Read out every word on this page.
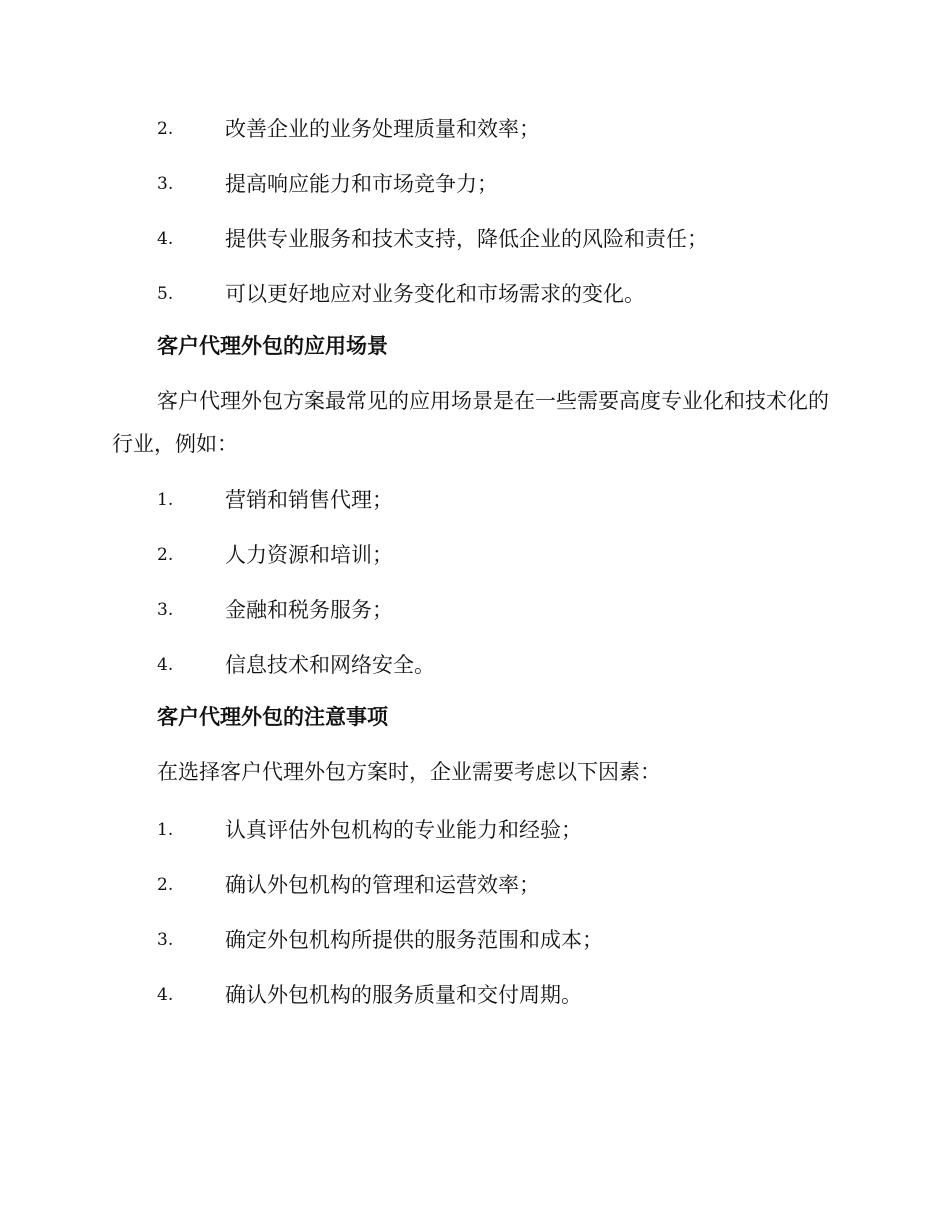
2. 改善企业的业务处理质量和效率；
3. 提高响应能力和市场竞争力；
4. 提供专业服务和技术支持，降低企业的风险和责任；
5. 可以更好地应对业务变化和市场需求的变化。
客户代理外包的应用场景

客户代理外包方案最常见的应用场景是在一些需要高度专业化和技术化的行业，例如：

1. 营销和销售代理；
2. 人力资源和培训；
3. 金融和税务服务；
4. 信息技术和网络安全。
客户代理外包的注意事项
在选择客户代理外包方案时，企业需要考虑以下因素：
1. 认真评估外包机构的专业能力和经验；
2. 确认外包机构的管理和运营效率；
3. 确定外包机构所提供的服务范围和成本；
4. 确认外包机构的服务质量和交付周期。
